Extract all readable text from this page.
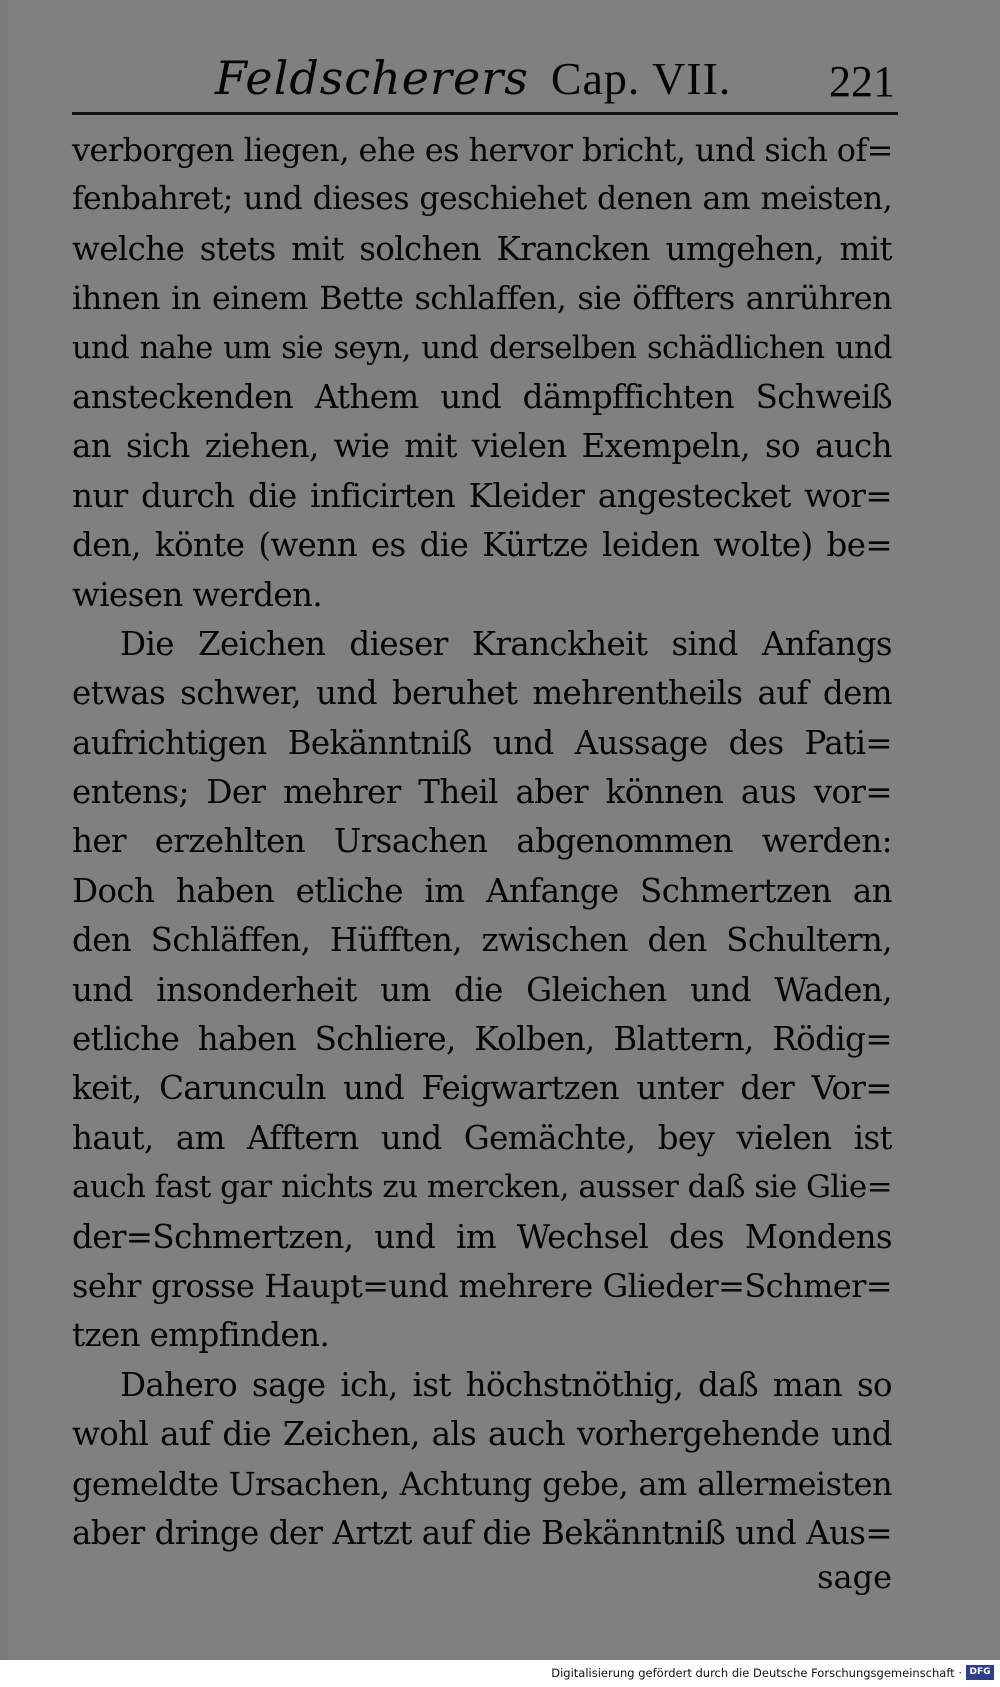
Feldscherers Cap. VII. 221
verborgen liegen, ehe es hervor bricht, und sich of=
fenbahret; und dieses geschiehet denen am meisten,
welche stets mit solchen Krancken umgehen, mit
ihnen in einem Bette schlaffen, sie öffters anrühren
und nahe um sie seyn, und derselben schädlichen und
ansteckenden Athem und dämpffichten Schweiß
an sich ziehen, wie mit vielen Exempeln, so auch
nur durch die inficirten Kleider angestecket wor=
den, könte (wenn es die Kürtze leiden wolte) be=
wiesen werden.
Die Zeichen dieser Kranckheit sind Anfangs
etwas schwer, und beruhet mehrentheils auf dem
aufrichtigen Bekänntniß und Aussage des Pati=
entens; Der mehrer Theil aber können aus vor=
her erzehlten Ursachen abgenommen werden:
Doch haben etliche im Anfange Schmertzen an
den Schläffen, Hüfften, zwischen den Schultern,
und insonderheit um die Gleichen und Waden,
etliche haben Schliere, Kolben, Blattern, Rödig=
keit, Carunculn und Feigwartzen unter der Vor=
haut, am Afftern und Gemächte, bey vielen ist
auch fast gar nichts zu mercken, ausser daß sie Glie=
der=Schmertzen, und im Wechsel des Mondens
sehr grosse Haupt=und mehrere Glieder=Schmer=
tzen empfinden.
Dahero sage ich, ist höchstnöthig, daß man so
wohl auf die Zeichen, als auch vorhergehende und
gemeldte Ursachen, Achtung gebe, am allermeisten
aber dringe der Artzt auf die Bekänntniß und Aus=
sage
Digitalisierung gefördert durch die Deutsche Forschungsgemeinschaft · DFG
